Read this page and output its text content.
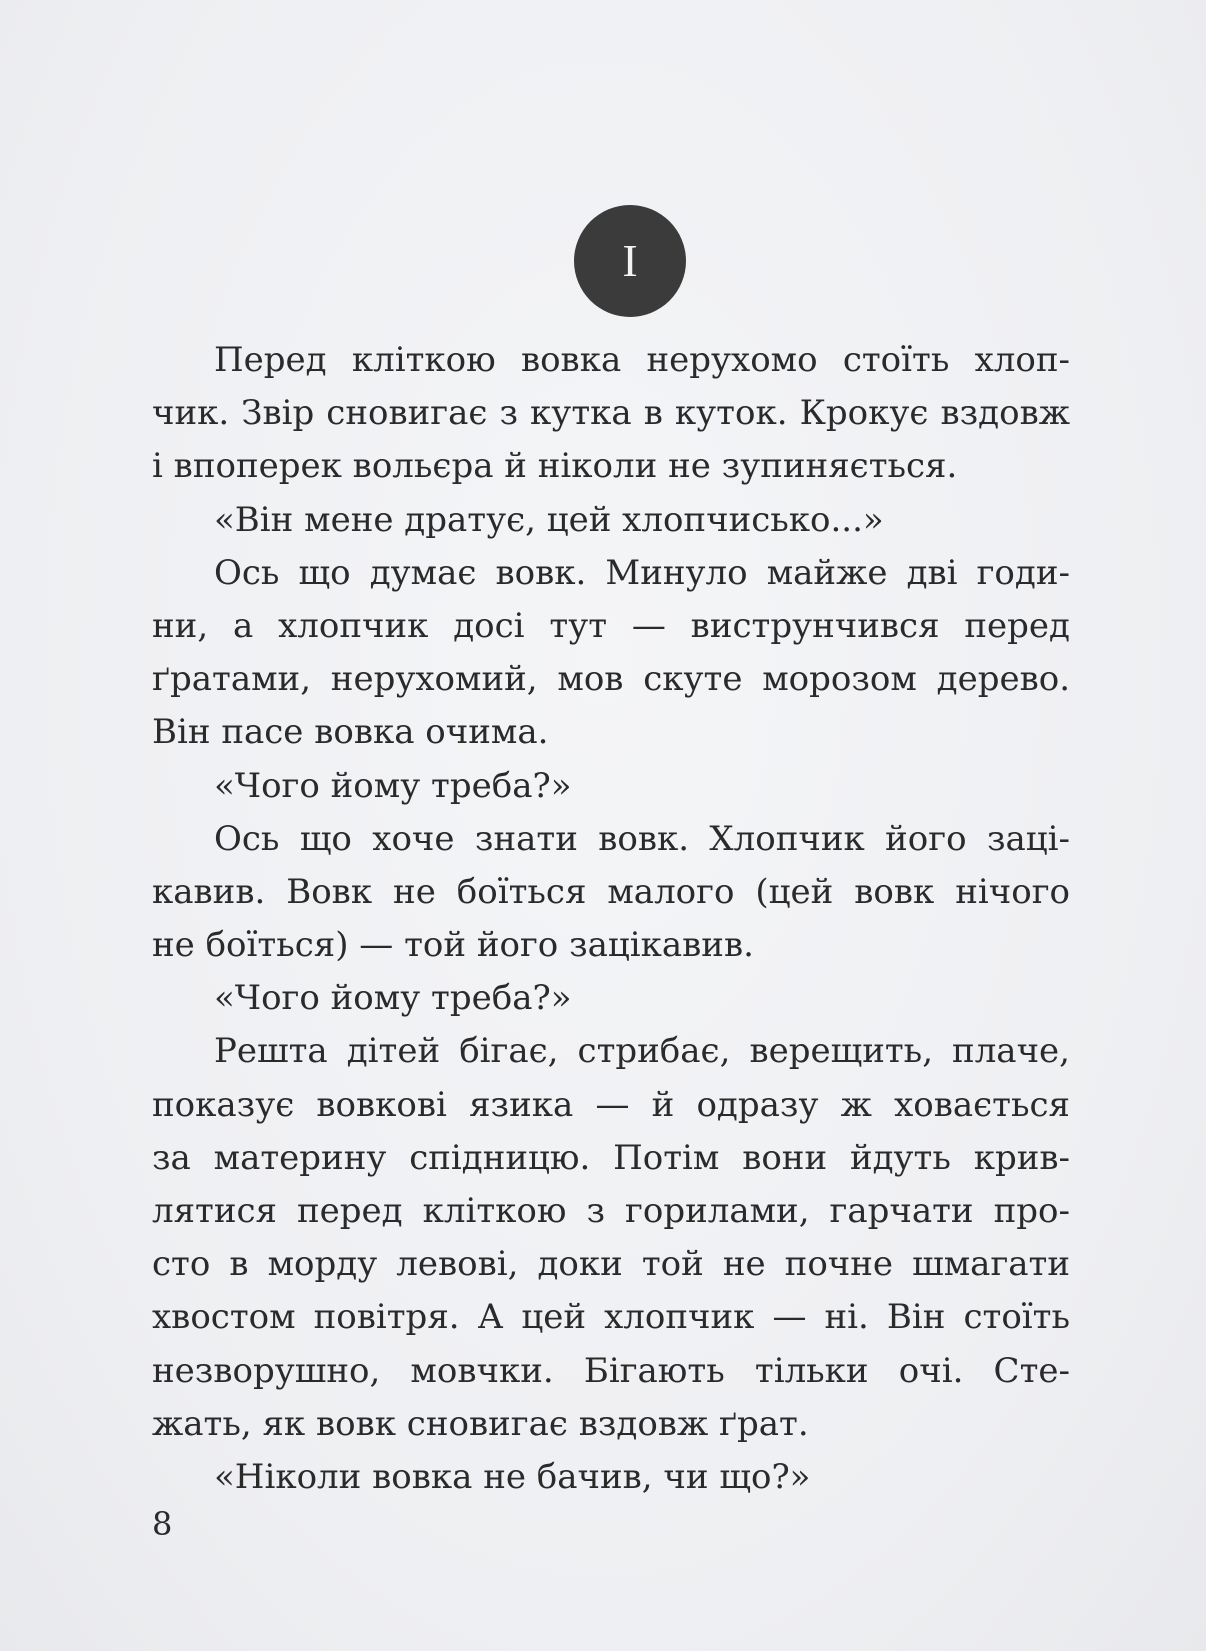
I
Перед кліткою вовка нерухомо стоїть хлоп-
чик. Звір сновигає з кутка в куток. Крокує вздовж
і впоперек вольєра й ніколи не зупиняється.
«Він мене дратує, цей хлопчисько...»
Ось що думає вовк. Минуло майже дві годи-
ни, а хлопчик досі тут — виструнчився перед
ґратами, нерухомий, мов скуте морозом дерево.
Він пасе вовка очима.
«Чого йому треба?»
Ось що хоче знати вовк. Хлопчик його заці-
кавив. Вовк не боїться малого (цей вовк нічого
не боїться) — той його зацікавив.
«Чого йому треба?»
Решта дітей бігає, стрибає, верещить, плаче,
показує вовкові язика — й одразу ж ховається
за материну спідницю. Потім вони йдуть крив-
лятися перед кліткою з горилами, гарчати про-
сто в морду левові, доки той не почне шмагати
хвостом повітря. А цей хлопчик — ні. Він стоїть
незворушно, мовчки. Бігають тільки очі. Сте-
жать, як вовк сновигає вздовж ґрат.
«Ніколи вовка не бачив, чи що?»
8
